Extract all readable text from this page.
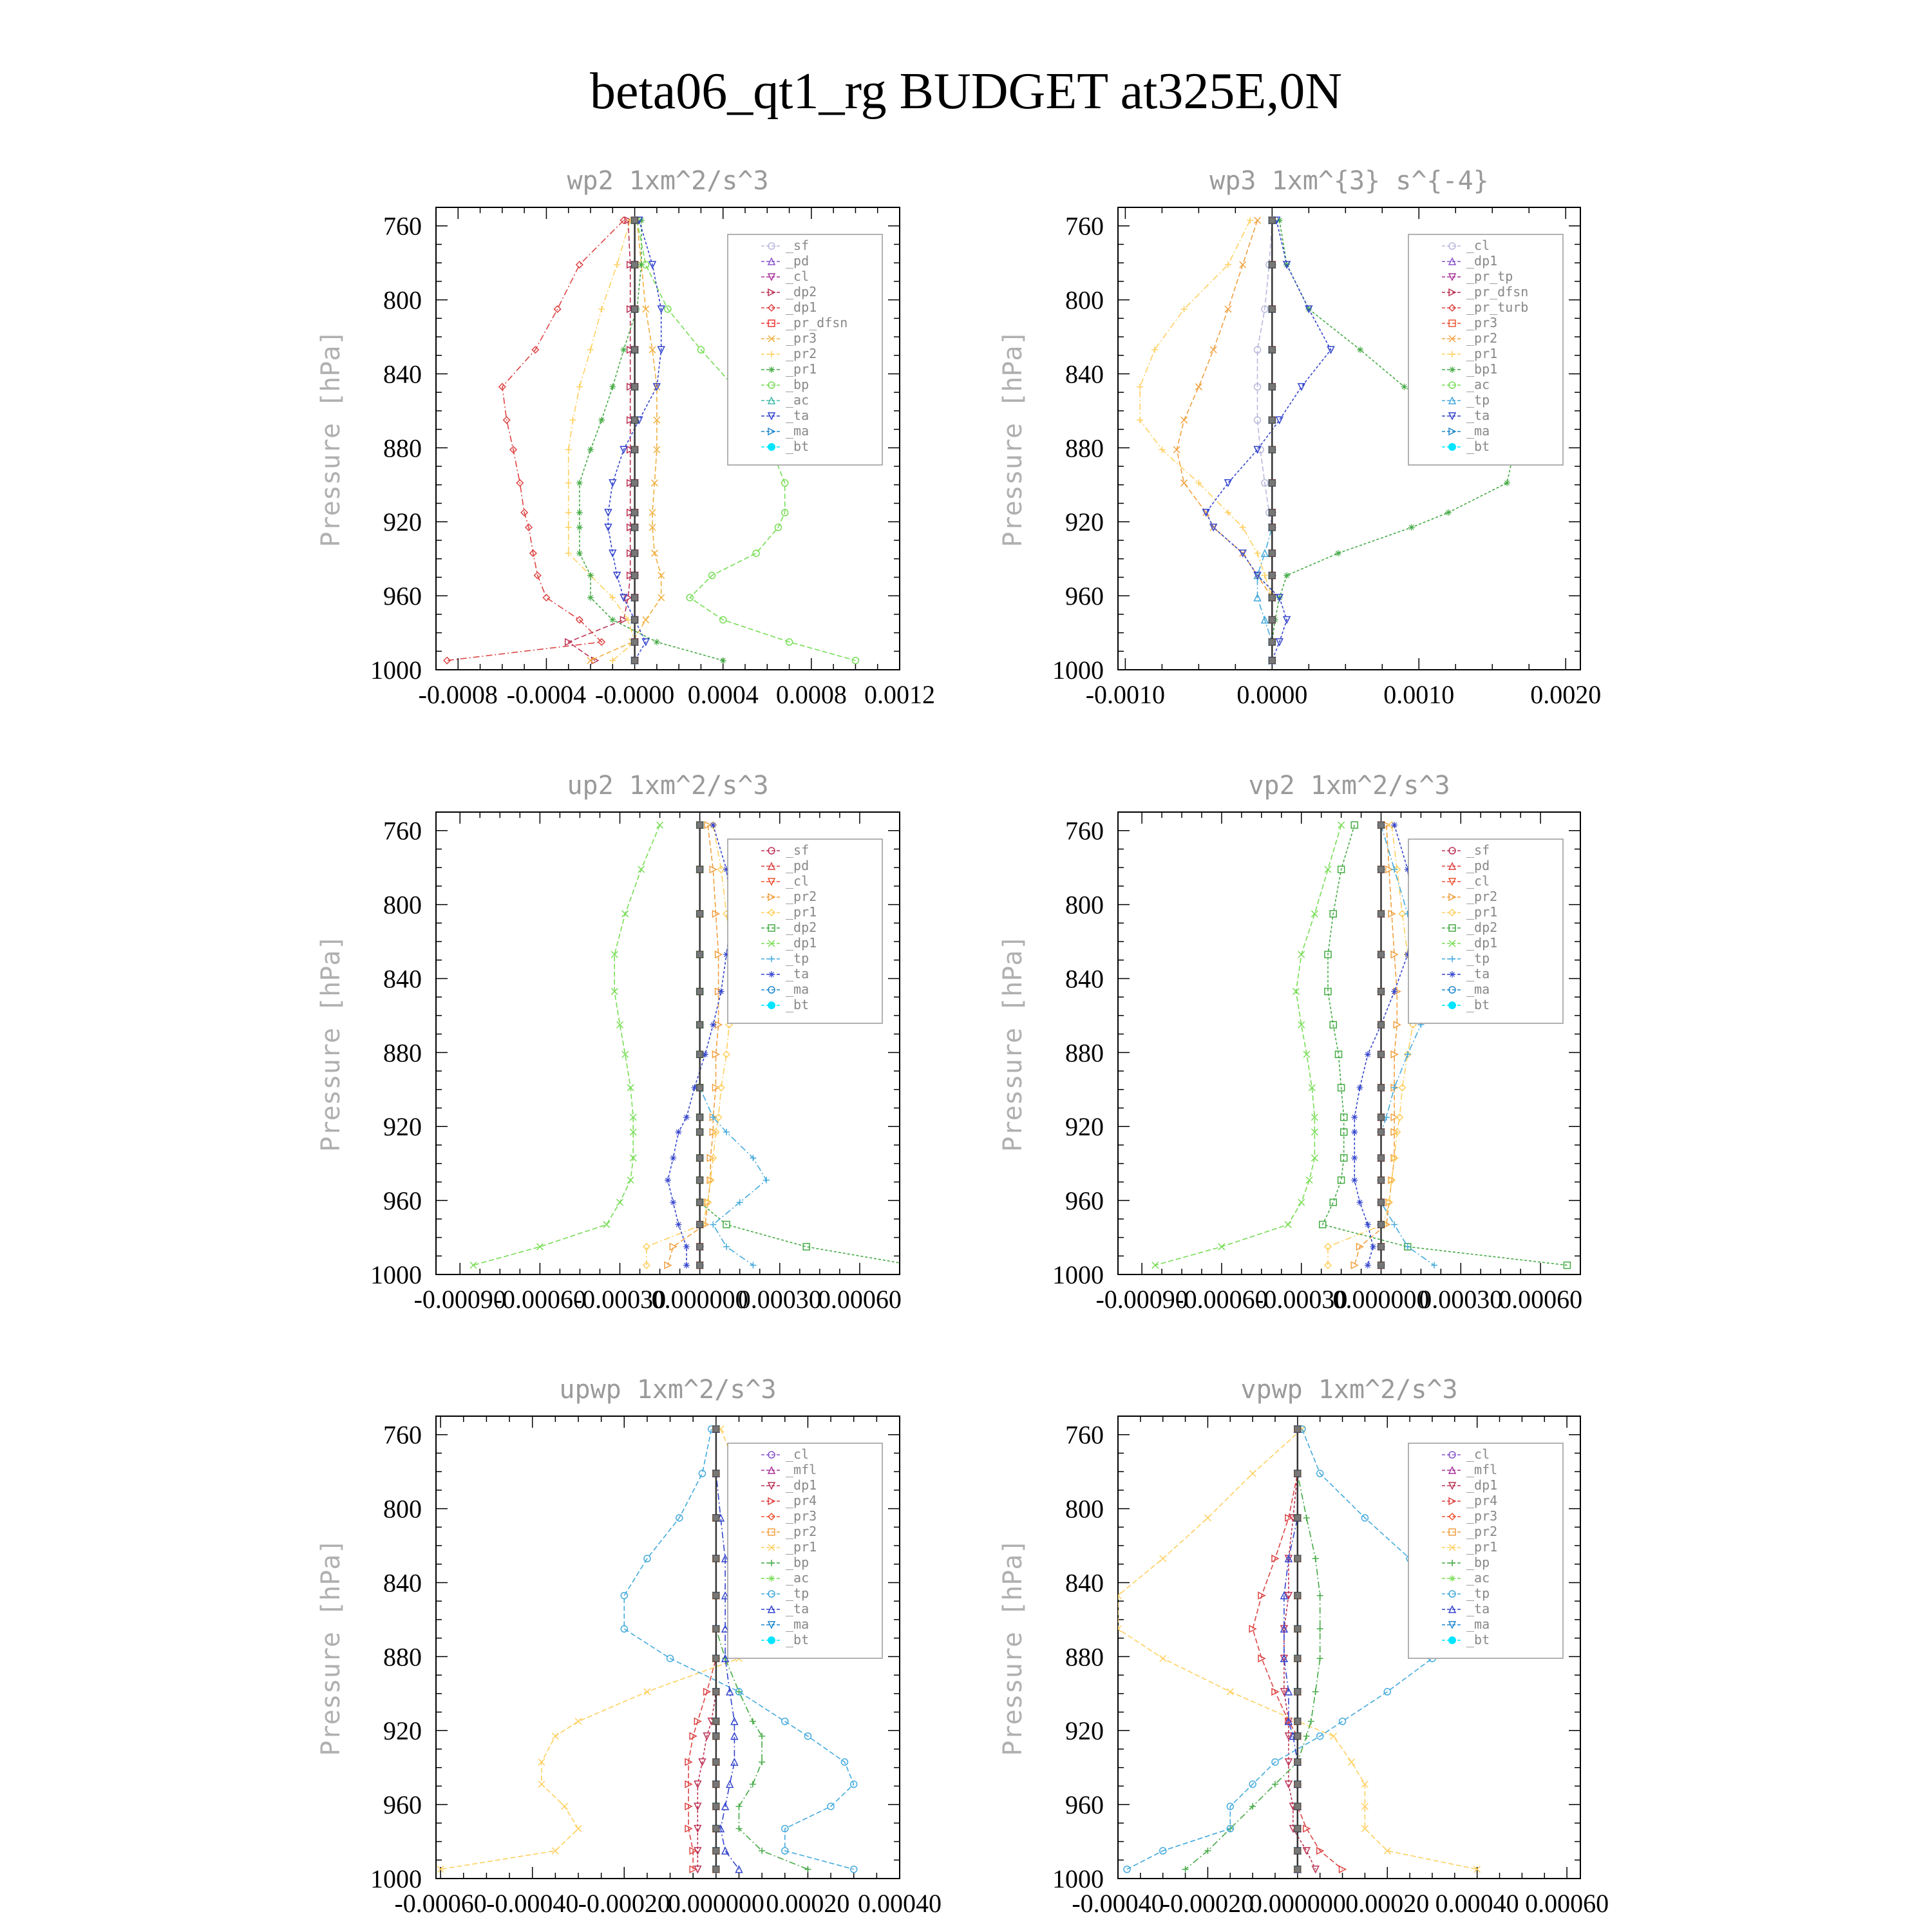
beta06_qt1_rg BUDGET at325E,0N
wp2 1xm^2/s^3
Pressure [hPa]
760
800
840
880
920
960
1000
-0.0008 -0.0004 -0.0000 0.0004 0.0008 0.0012
_sf
_pd
_cl
_dp2
_dp1
_pr_dfsn
_pr3
_pr2
_pr1
_bp
_ac
_ta
_ma
_bt
wp3 1xm^{3} s^{-4}
Pressure [hPa]
760
800
840
880
920
960
1000
-0.0010	0.0000	0.0010	0.0020
_cl
_dp1
_pr_tp
_pr_dfsn
_pr_turb
_pr3
_pr2
_pr1
_bp1
_ac
_tp
_ta
_ma
_bt
up2 1xm^2/s^3
Pressure [hPa]
760
800
840
880
920
960
1000
-0.00090
-0.00060
-0.00030
0.000000
0.00030
0.00060
_sf
_pd
_cl
_pr2
_pr1
_dp2
_dp1
_tp
_ta
_ma
_bt
vp2 1xm^2/s^3
Pressure [hPa]
760
800
840
880
920
960
1000
-0.00090
-0.00060
-0.00030
0.000000
0.00030
0.00060
_sf
_pd
_cl
_pr2
_pr1
_dp2
_dp1
_tp
_ta
_ma
_bt
upwp 1xm^2/s^3
Pressure [hPa]
760
800
840
880
920
960
1000
-0.00060 -0.00040 -0.00020
0.000000 0.00020 0.00040
_cl
_mfl
_dp1
_pr4
_pr3
_pr2
_pr1
_bp
_ac
_tp
_ta
_ma
_bt
vpwp 1xm^2/s^3
Pressure [hPa]
760
800
840
880
920
960
1000
-0.00040
-0.00020
0.000000 0.00020 0.00040 0.00060
_cl
_mfl
_dp1
_pr4
_pr3
_pr2
_pr1
_bp
_ac
_tp
_ta
_ma
_bt
